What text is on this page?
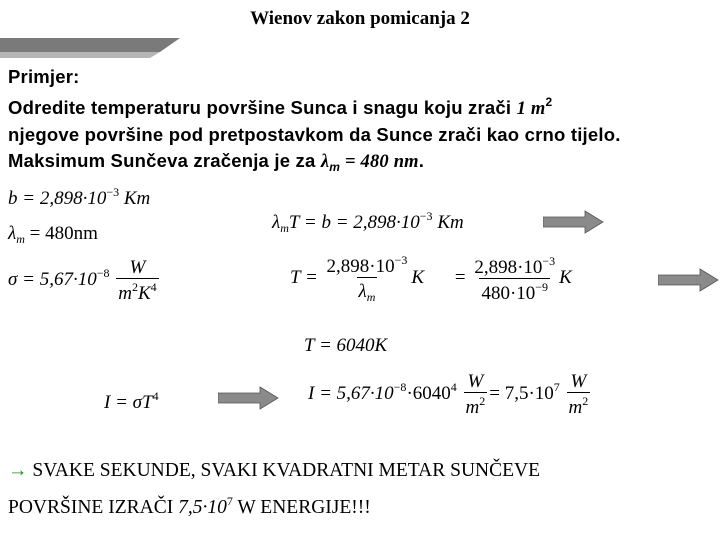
Wienov zakon pomicanja 2
Primjer:
Odredite temperaturu površine Sunca i snagu koju zrači 1 $m^2$
njegove površine pod pretpostavkom da Sunce zrači kao crno tijelo.
Maksimum Sunčeva zračenja je za $\lambda_m = 480$ nm.
$b = 2,898\cdot 10^{-3}$ Km
$\lambda_m = 480nm$
$\sigma = 5,67\cdot 10^{-8} \frac{W}{m^2K^4}$
$\lambda_mT = b = 2,898\cdot 10^{-3}$ Km
$T = \frac{2,898\cdot 10^{-3}}{\lambda_m}$ $K = \frac{2,898\cdot 10^{-3}}{480\cdot 10^{-9}}$ K
T = 6040K
$I = \sigma T^4$	$I = 5,67\cdot 10^{-8}\cdot 6040^4 \frac{W}{m^2} = 7,5\cdot 10^7 \frac{W}{m^2}$
→ SVAKE SEKUNDE, SVAKI KVADRATNI METAR SUNČEVE
POVRŠINE IZRAČI $7,5\cdot 10^7$ W ENERGIJE!!!
